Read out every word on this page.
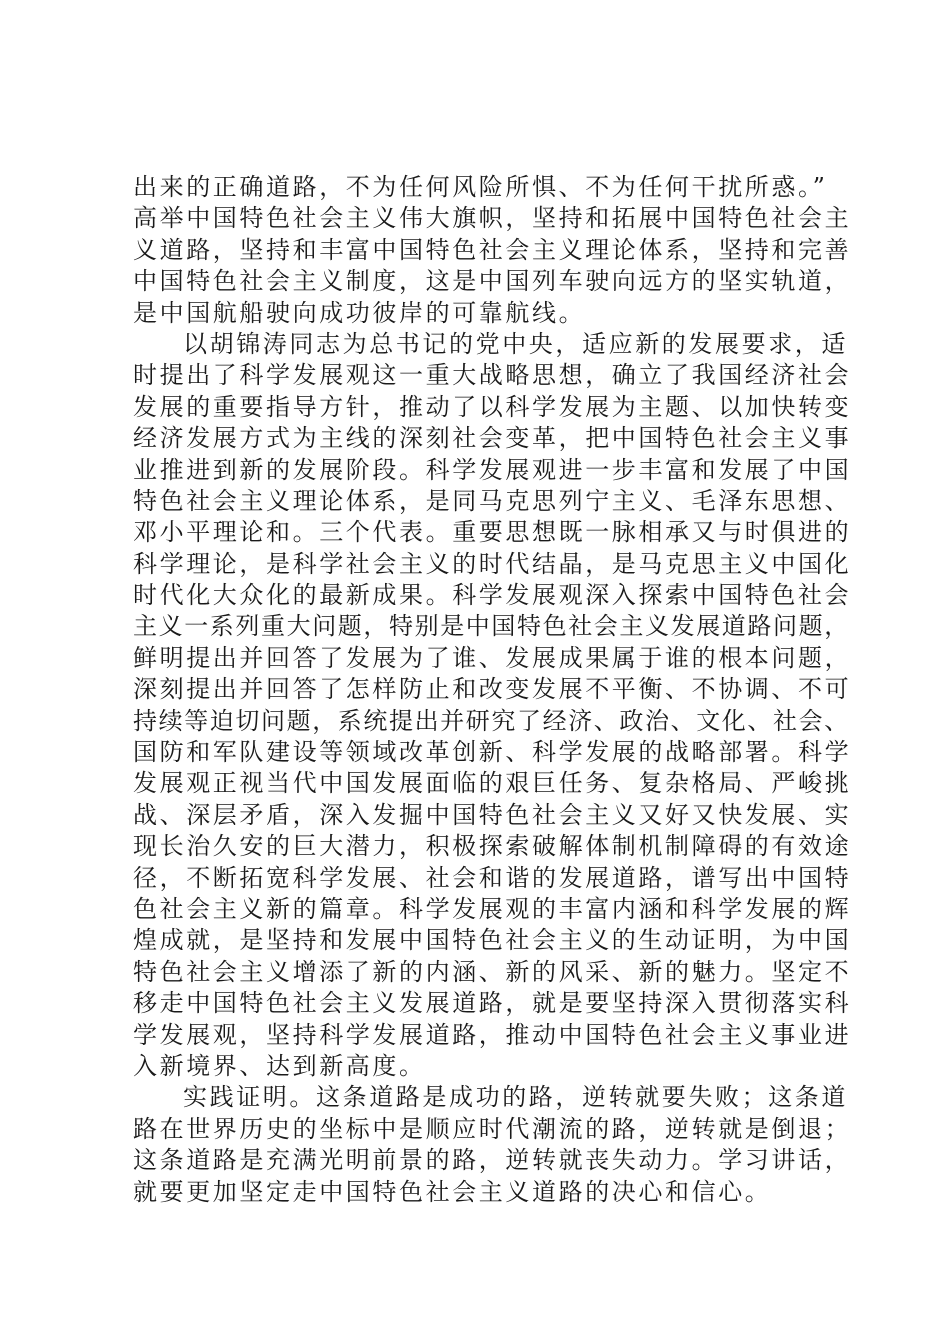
出来的正确道路，不为任何风险所惧、不为任何干扰所惑。”
高举中国特色社会主义伟大旗帜，坚持和拓展中国特色社会主
义道路，坚持和丰富中国特色社会主义理论体系，坚持和完善
中国特色社会主义制度，这是中国列车驶向远方的坚实轨道，
是中国航船驶向成功彼岸的可靠航线。
以胡锦涛同志为总书记的党中央，适应新的发展要求，适
时提出了科学发展观这一重大战略思想，确立了我国经济社会
发展的重要指导方针，推动了以科学发展为主题、以加快转变
经济发展方式为主线的深刻社会变革，把中国特色社会主义事
业推进到新的发展阶段。科学发展观进一步丰富和发展了中国
特色社会主义理论体系，是同马克思列宁主义、毛泽东思想、
邓小平理论和。三个代表。重要思想既一脉相承又与时俱进的
科学理论，是科学社会主义的时代结晶，是马克思主义中国化
时代化大众化的最新成果。科学发展观深入探索中国特色社会
主义一系列重大问题，特别是中国特色社会主义发展道路问题，
鲜明提出并回答了发展为了谁、发展成果属于谁的根本问题，
深刻提出并回答了怎样防止和改变发展不平衡、不协调、不可
持续等迫切问题，系统提出并研究了经济、政治、文化、社会、
国防和军队建设等领域改革创新、科学发展的战略部署。科学
发展观正视当代中国发展面临的艰巨任务、复杂格局、严峻挑
战、深层矛盾，深入发掘中国特色社会主义又好又快发展、实
现长治久安的巨大潜力，积极探索破解体制机制障碍的有效途
径，不断拓宽科学发展、社会和谐的发展道路，谱写出中国特
色社会主义新的篇章。科学发展观的丰富内涵和科学发展的辉
煌成就，是坚持和发展中国特色社会主义的生动证明，为中国
特色社会主义增添了新的内涵、新的风采、新的魅力。坚定不
移走中国特色社会主义发展道路，就是要坚持深入贯彻落实科
学发展观，坚持科学发展道路，推动中国特色社会主义事业进
入新境界、达到新高度。
实践证明。这条道路是成功的路，逆转就要失败；这条道
路在世界历史的坐标中是顺应时代潮流的路，逆转就是倒退；
这条道路是充满光明前景的路，逆转就丧失动力。学习讲话，
就要更加坚定走中国特色社会主义道路的决心和信心。
